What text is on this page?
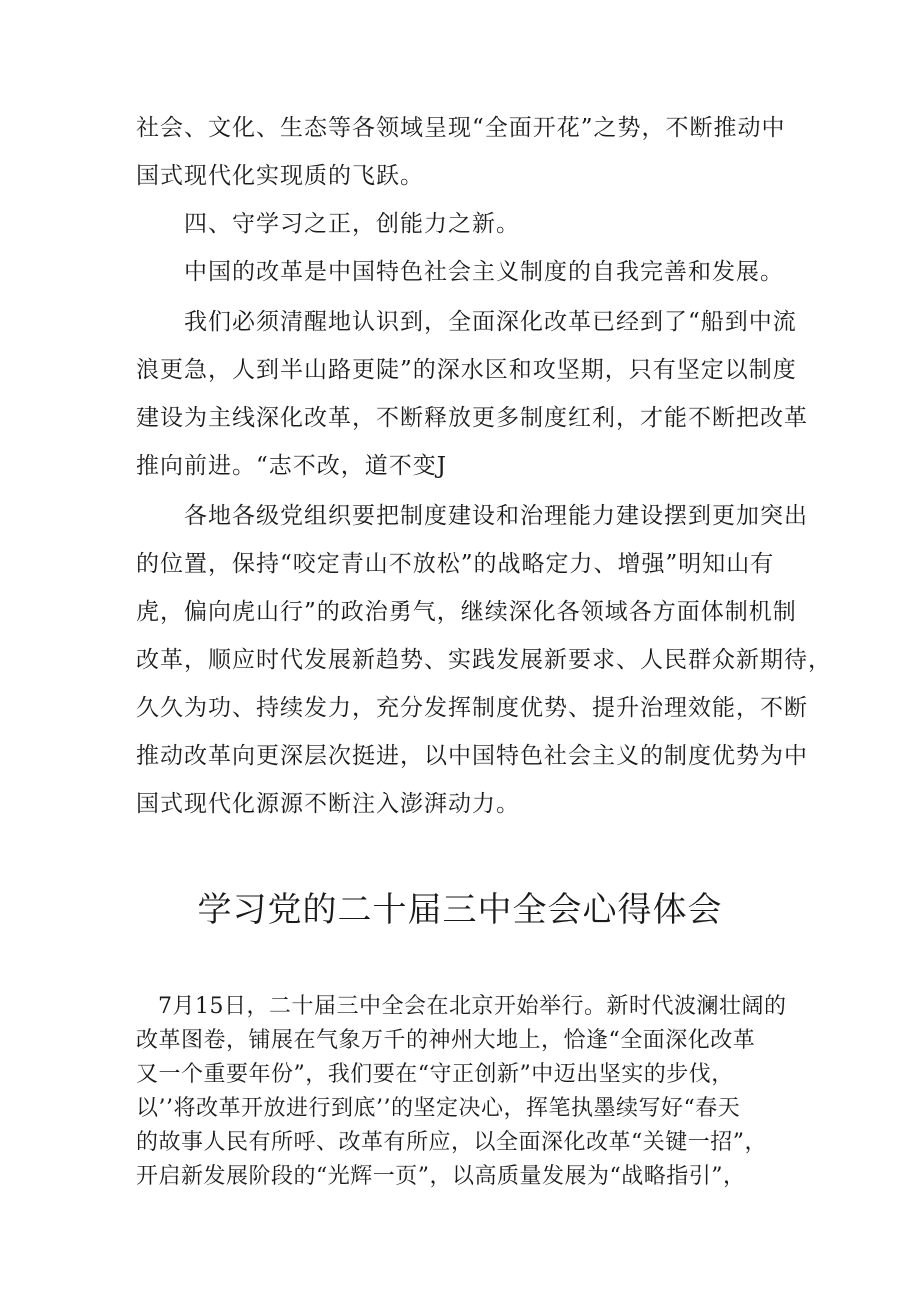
社会、文化、生态等各领域呈现“全面开花”之势，不断推动中
国式现代化实现质的飞跃。
四、守学习之正，创能力之新。
中国的改革是中国特色社会主义制度的自我完善和发展。
我们必须清醒地认识到，全面深化改革已经到了“船到中流
浪更急，人到半山路更陡”的深水区和攻坚期，只有坚定以制度
建设为主线深化改革，不断释放更多制度红利，才能不断把改革
推向前进。“志不改，道不变J
各地各级党组织要把制度建设和治理能力建设摆到更加突出
的位置，保持“咬定青山不放松”的战略定力、增强”明知山有
虎，偏向虎山行”的政治勇气，继续深化各领域各方面体制机制
改革，顺应时代发展新趋势、实践发展新要求、人民群众新期待，
久久为功、持续发力，充分发挥制度优势、提升治理效能，不断
推动改革向更深层次挺进，以中国特色社会主义的制度优势为中
国式现代化源源不断注入澎湃动力。
学习党的二十届三中全会心得体会
7月15日，二十届三中全会在北京开始举行。新时代波澜壮阔的
改革图卷，铺展在气象万千的神州大地上，恰逢“全面深化改革
又一个重要年份”，我们要在“守正创新”中迈出坚实的步伐，
以’’将改革开放进行到底’’的坚定决心，挥笔执墨续写好“春天
的故事人民有所呼、改革有所应，以全面深化改革“关键一招”，
开启新发展阶段的“光辉一页”，以高质量发展为“战略指引”，
